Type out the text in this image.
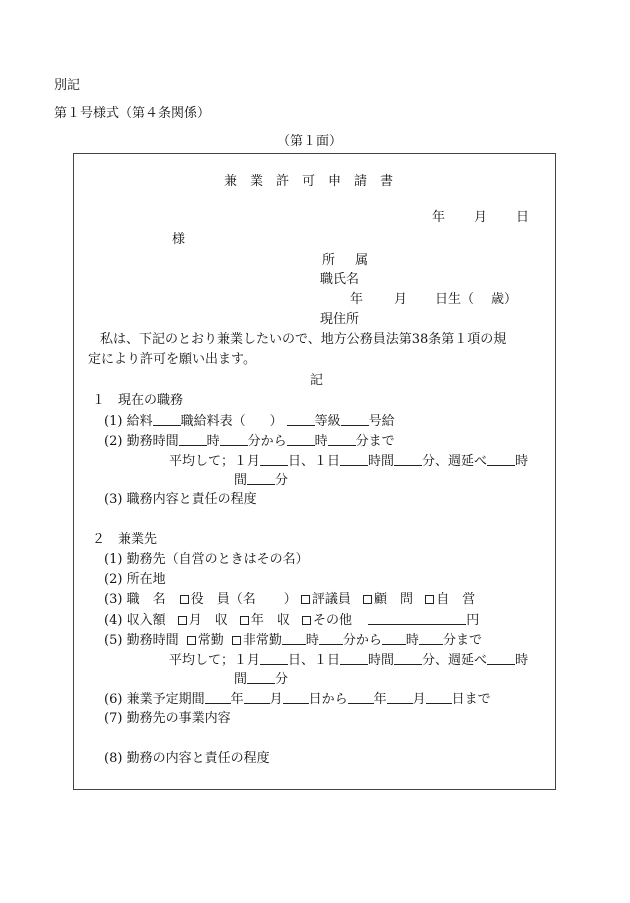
別記
第１号様式（第４条関係）
（第１面）
兼業許可申請書
年 月 日
様
所 属
職氏名
年 月 日生（ 歳）
現住所
私は、下記のとおり兼業したいので、地方公務員法第38条第１項の規
定により許可を願い出ます。
記
１　現在の職務
(1) 給料 職給料表（ ） 等級 号給
(2) 勤務時間 時 分から 時 分まで
平均して；１月 日、１日 時間 分、週延べ 時
間 分
(3) 職務内容と責任の程度
２　兼業先
(1) 勤務先（自営のときはその名）
(2) 所在地
(3) 職　名 役　員（名 ） 評議員 顧　問 自　営
(4) 収入額 月　収 年　収 その他	円
(5) 勤務時間 常勤 非常勤 時 分から 時 分まで
平均して；１月 日、１日 時間 分、週延べ 時
間 分
(6) 兼業予定期間 年 月 日から 年 月 日まで
(7) 勤務先の事業内容
(8) 勤務の内容と責任の程度
